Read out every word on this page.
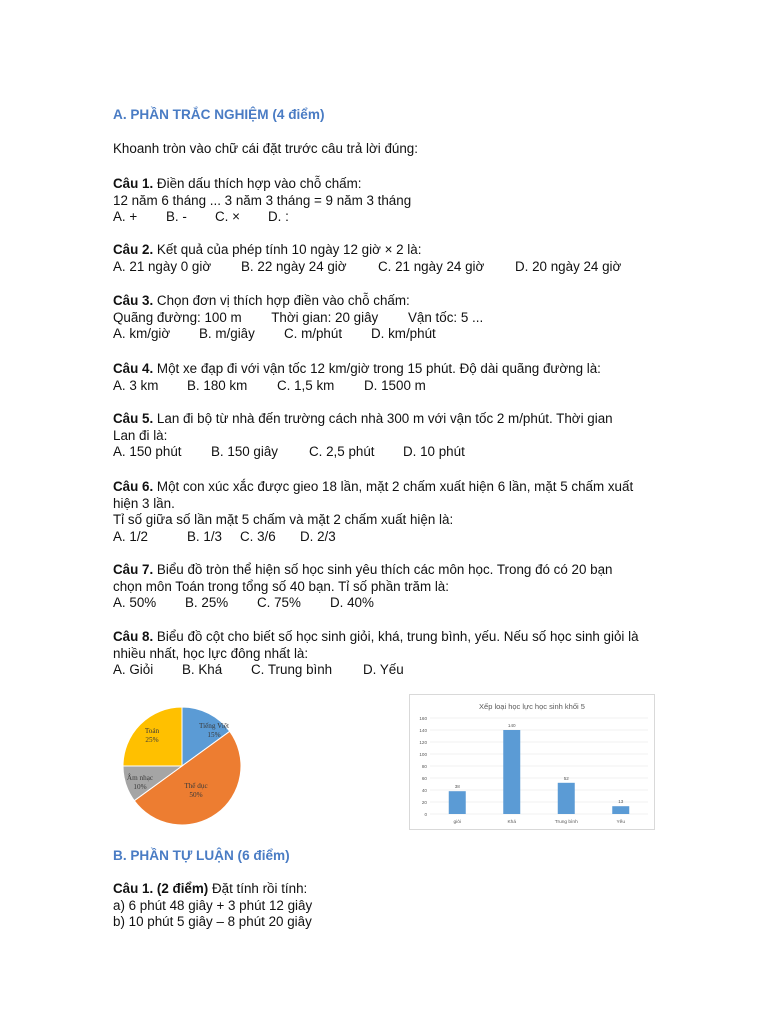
A. PHẦN TRẮC NGHIỆM (4 điểm)
Khoanh tròn vào chữ cái đặt trước câu trả lời đúng:
Câu 1. Điền dấu thích hợp vào chỗ chấm:
12 năm 6 tháng ... 3 năm 3 tháng = 9 năm 3 tháng
A. + B. - C. × D. :
Câu 2. Kết quả của phép tính 10 ngày 12 giờ × 2 là:
A. 21 ngày 0 giờ B. 22 ngày 24 giờ C. 21 ngày 24 giờ D. 20 ngày 24 giờ
Câu 3. Chọn đơn vị thích hợp điền vào chỗ chấm:
Quãng đường: 100 m        Thời gian: 20 giây        Vận tốc: 5 ...
A. km/giờ B. m/giây C. m/phút D. km/phút
Câu 4. Một xe đạp đi với vận tốc 12 km/giờ trong 15 phút. Độ dài quãng đường là:
A. 3 km B. 180 km C. 1,5 km D. 1500 m
Câu 5. Lan đi bộ từ nhà đến trường cách nhà 300 m với vận tốc 2 m/phút. Thời gian
Lan đi là:
A. 150 phút B. 150 giây C. 2,5 phút D. 10 phút
Câu 6. Một con xúc xắc được gieo 18 lần, mặt 2 chấm xuất hiện 6 lần, mặt 5 chấm xuất
hiện 3 lần.
Tỉ số giữa số lần mặt 5 chấm và mặt 2 chấm xuất hiện là:
A. 1/2	B. 1/3 C. 3/6 D. 2/3
Câu 7. Biểu đồ tròn thể hiện số học sinh yêu thích các môn học. Trong đó có 20 bạn
chọn môn Toán trong tổng số 40 bạn. Tỉ số phần trăm là:
A. 50% B. 25% C. 75% D. 40%
Câu 8. Biểu đồ cột cho biết số học sinh giỏi, khá, trung bình, yếu. Nếu số học sinh giỏi là
nhiều nhất, học lực đông nhất là:
A. Giỏi B. Khá C. Trung bình D. Yếu
Tiếng Việt
15%
Thể dục
50%
Âm nhạc
10%
Toán
25%
Xếp loại học lực học sinh khối 5
0
20
40
60
80
100
120
140
160
38
giỏi
140
Khá
52
Trung bình
13
Yếu
B. PHẦN TỰ LUẬN (6 điểm)
Câu 1. (2 điểm) Đặt tính rồi tính:
a) 6 phút 48 giây + 3 phút 12 giây
b) 10 phút 5 giây – 8 phút 20 giây
